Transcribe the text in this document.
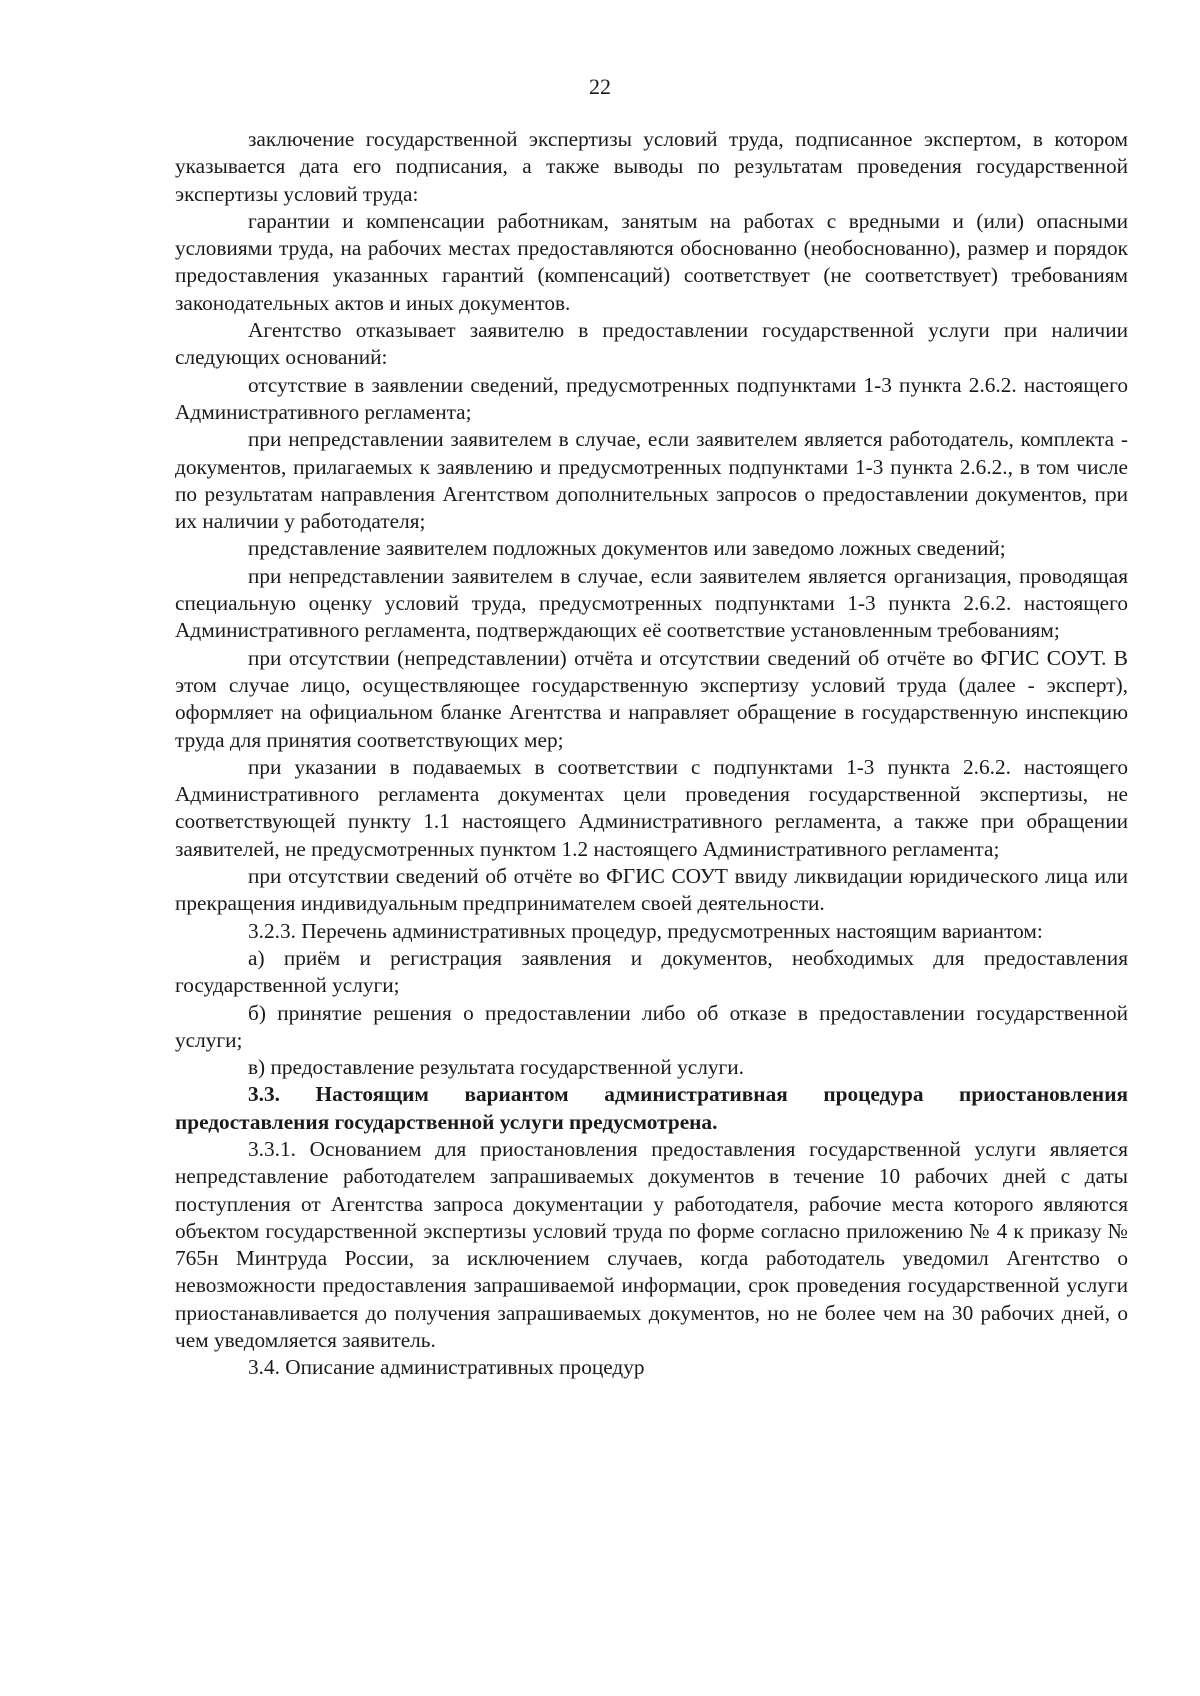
22

заключение государственной экспертизы условий труда, подписанное экспертом, в котором указывается дата его подписания, а также выводы по результатам проведения государственной экспертизы условий труда:

гарантии и компенсации работникам, занятым на работах с вредными и (или) опасными условиями труда, на рабочих местах предоставляются обоснованно (необоснованно), размер и порядок предоставления указанных гарантий (компенсаций) соответствует (не соответствует) требованиям законодательных актов и иных документов.

Агентство отказывает заявителю в предоставлении государственной услуги при наличии следующих оснований:

отсутствие в заявлении сведений, предусмотренных подпунктами 1-3 пункта 2.6.2. настоящего Административного регламента;

при непредставлении заявителем в случае, если заявителем является работодатель, комплекта - документов, прилагаемых к заявлению и предусмотренных подпунктами 1-3 пункта 2.6.2., в том числе по результатам направления Агентством дополнительных запросов о предоставлении документов, при их наличии у работодателя;

представление заявителем подложных документов или заведомо ложных сведений;

при непредставлении заявителем в случае, если заявителем является организация, проводящая специальную оценку условий труда, предусмотренных подпунктами 1-3 пункта 2.6.2. настоящего Административного регламента, подтверждающих её соответствие установленным требованиям;

при отсутствии (непредставлении) отчёта и отсутствии сведений об отчёте во ФГИС СОУТ. В этом случае лицо, осуществляющее государственную экспертизу условий труда (далее - эксперт), оформляет на официальном бланке Агентства и направляет обращение в государственную инспекцию труда для принятия соответствующих мер;

при указании в подаваемых в соответствии с подпунктами 1-3 пункта 2.6.2. настоящего Административного регламента документах цели проведения государственной экспертизы, не соответствующей пункту 1.1 настоящего Административного регламента, а также при обращении заявителей, не предусмотренных пунктом 1.2 настоящего Административного регламента;

при отсутствии сведений об отчёте во ФГИС СОУТ ввиду ликвидации юридического лица или прекращения индивидуальным предпринимателем своей деятельности.

3.2.3. Перечень административных процедур, предусмотренных настоящим вариантом:

а) приём и регистрация заявления и документов, необходимых для предоставления государственной услуги;

б) принятие решения о предоставлении либо об отказе в предоставлении государственной услуги;

в) предоставление результата государственной услуги.

3.3. Настоящим вариантом административная процедура приостановления предоставления государственной услуги предусмотрена.

3.3.1. Основанием для приостановления предоставления государственной услуги является непредставление работодателем запрашиваемых документов в течение 10 рабочих дней с даты поступления от Агентства запроса документации у работодателя, рабочие места которого являются объектом государственной экспертизы условий труда по форме согласно приложению № 4 к приказу № 765н Минтруда России, за исключением случаев, когда работодатель уведомил Агентство о невозможности предоставления запрашиваемой информации, срок проведения государственной услуги приостанавливается до получения запрашиваемых документов, но не более чем на 30 рабочих дней, о чем уведомляется заявитель.

3.4. Описание административных процедур
